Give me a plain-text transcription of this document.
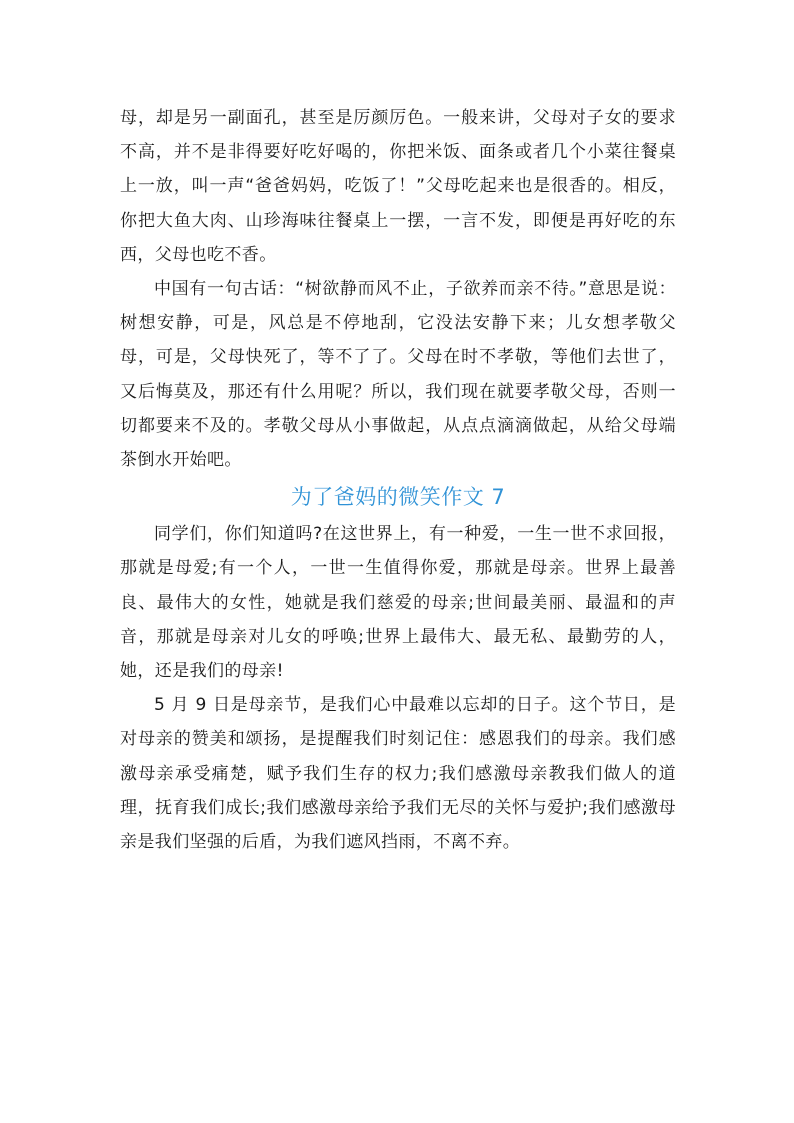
母，却是另一副面孔，甚至是厉颜厉色。一般来讲，父母对子女的要求不高，并不是非得要好吃好喝的，你把米饭、面条或者几个小菜往餐桌上一放，叫一声“爸爸妈妈，吃饭了！”父母吃起来也是很香的。相反，你把大鱼大肉、山珍海味往餐桌上一摆，一言不发，即便是再好吃的东西，父母也吃不香。

中国有一句古话：“树欲静而风不止，子欲养而亲不待。”意思是说：树想安静，可是，风总是不停地刮，它没法安静下来；儿女想孝敬父母，可是，父母快死了，等不了了。父母在时不孝敬，等他们去世了，又后悔莫及，那还有什么用呢？所以，我们现在就要孝敬父母，否则一切都要来不及的。孝敬父母从小事做起，从点点滴滴做起，从给父母端茶倒水开始吧。

为了爸妈的微笑作文 7

同学们，你们知道吗?在这世界上，有一种爱，一生一世不求回报，那就是母爱;有一个人，一世一生值得你爱，那就是母亲。世界上最善良、最伟大的女性，她就是我们慈爱的母亲;世间最美丽、最温和的声音，那就是母亲对儿女的呼唤;世界上最伟大、最无私、最勤劳的人，她，还是我们的母亲!

5 月 9 日是母亲节，是我们心中最难以忘却的日子。这个节日，是对母亲的赞美和颂扬，是提醒我们时刻记住：感恩我们的母亲。我们感激母亲承受痛楚，赋予我们生存的权力;我们感激母亲教我们做人的道理，抚育我们成长;我们感激母亲给予我们无尽的关怀与爱护;我们感激母亲是我们坚强的后盾，为我们遮风挡雨，不离不弃。
